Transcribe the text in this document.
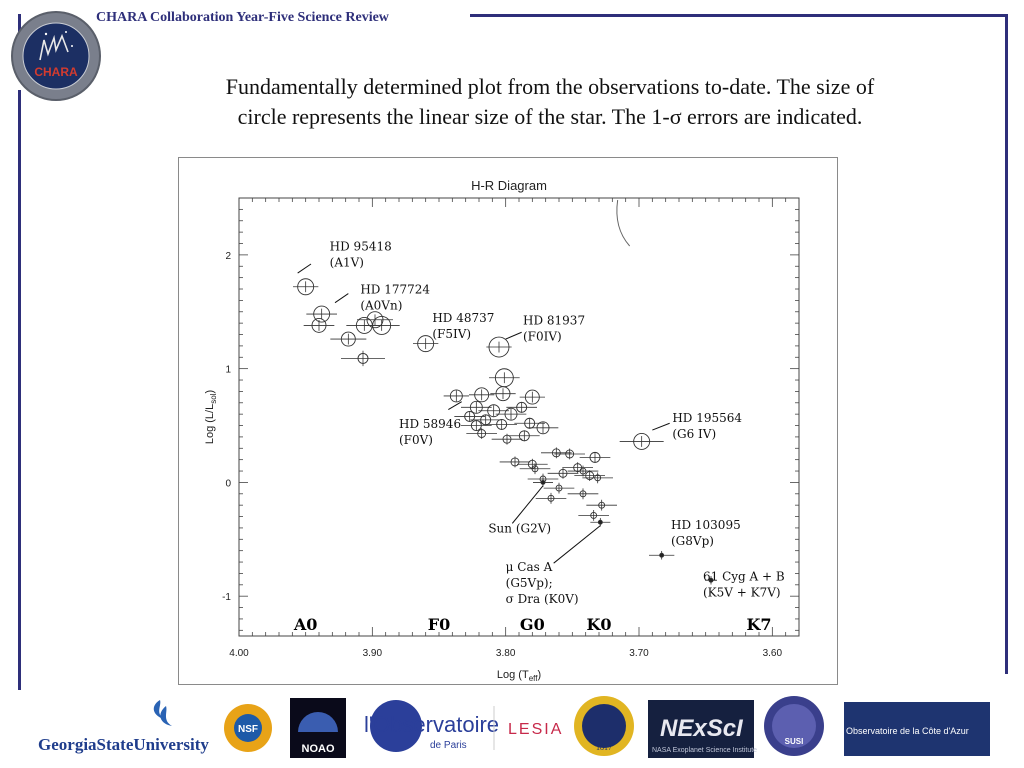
CHARA
CHARA Collaboration Year-Five Science Review
Fundamentally determined plot from the observations to-date. The size of
circle represents the linear size of the star. The 1-σ errors are indicated.
H-R Diagram
4.00	3.90	3.80	3.70	3.60
2
1
0
-1
Log $(T_{eff})$
Log $(L/L_{sol})$
HD 95418
(A1V)
HD 177724
(A0Vn)
HD 48737
(F5IV)
HD 81937
(F0IV)
HD 58946
(F0V)
HD 195564
(G6 IV)
Sun (G2V)	HD 103095
(G8Vp)
μ Cas A
(G5Vp);
σ Dra (K0V)
61 Cyg A + B
(K5V + K7V)
A0	F0	G0	K0	K7
GeorgiaStateUniversity
NSF
NOAO
l'Observatoire
de Paris
LESIA
1817
NExScI
NASA Exoplanet Science Institute
SUSI
Observatoire de la Côte d'Azur
